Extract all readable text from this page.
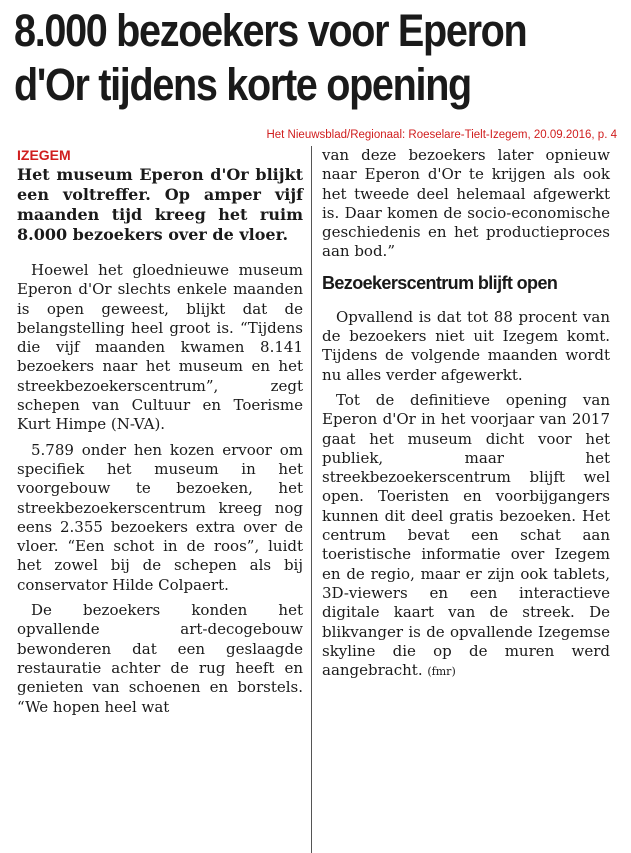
8.000 bezoekers voor Eperon
d'Or tijdens korte opening
Het Nieuwsblad/Regionaal: Roeselare-Tielt-Izegem, 20.09.2016, p. 4
IZEGEM
Het museum Eperon d'Or blijkt een voltreffer. Op amper vijf maanden tijd kreeg het ruim 8.000 bezoekers over de vloer.

Hoewel het gloednieuwe museum Eperon d'Or slechts enkele maanden is open geweest, blijkt dat de belangstelling heel groot is. “Tijdens die vijf maanden kwamen 8.141 bezoekers naar het museum en het streekbezoekerscentrum”, zegt schepen van Cultuur en Toerisme Kurt Himpe (N-VA).

5.789 onder hen kozen ervoor om specifiek het museum in het voorgebouw te bezoeken, het streekbezoekerscentrum kreeg nog eens 2.355 bezoekers extra over de vloer. “Een schot in de roos”, luidt het zowel bij de schepen als bij conservator Hilde Colpaert.

De bezoekers konden het opvallende art-decogebouw bewonderen dat een geslaagde restauratie achter de rug heeft en genieten van schoenen en borstels. “We hopen heel wat

van deze bezoekers later opnieuw naar Eperon d'Or te krijgen als ook het tweede deel helemaal afgewerkt is. Daar komen de socio-economische geschiedenis en het productieproces aan bod.”

Bezoekerscentrum blijft open

Opvallend is dat tot 88 procent van de bezoekers niet uit Izegem komt. Tijdens de volgende maanden wordt nu alles verder afgewerkt.

Tot de definitieve opening van Eperon d'Or in het voorjaar van 2017 gaat het museum dicht voor het publiek, maar het streekbezoekerscentrum blijft wel open. Toeristen en voorbijgangers kunnen dit deel gratis bezoeken. Het centrum bevat een schat aan toeristische informatie over Izegem en de regio, maar er zijn ook tablets, 3D-viewers en een interactieve digitale kaart van de streek. De blikvanger is de opvallende Izegemse skyline die op de muren werd aangebracht. (fmr)
